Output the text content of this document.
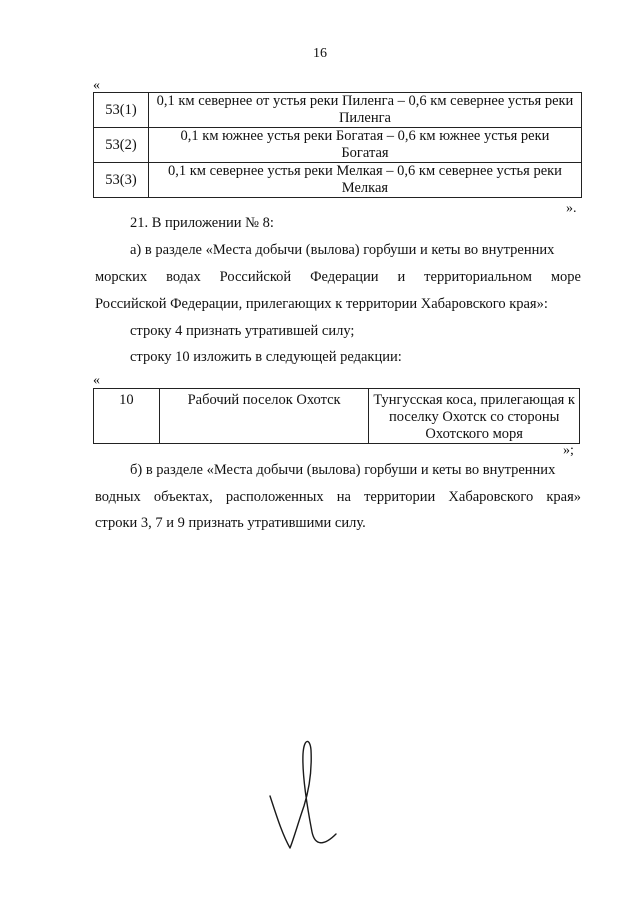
16
«
53(1)	0,1 км севернее от устья реки Пиленга – 0,6 км севернее устья реки Пиленга
53(2)	0,1 км южнее устья реки Богатая – 0,6 км южнее устья реки Богатая
53(3)	0,1 км севернее устья реки Мелкая – 0,6 км севернее устья реки Мелкая
».
21. В приложении № 8:
а) в разделе «Места добычи (вылова) горбуши и кеты во внутренних
морских водах Российской Федерации и территориальном море
Российской Федерации, прилегающих к территории Хабаровского края»:
строку 4 признать утратившей силу;
строку 10 изложить в следующей редакции:
«
10	Рабочий поселок Охотск	Тунгусская коса, прилегающая к поселку Охотск со стороны Охотского моря
»;
б) в разделе «Места добычи (вылова) горбуши и кеты во внутренних
водных объектах, расположенных на территории Хабаровского края»
строки 3, 7 и 9 признать утратившими силу.
